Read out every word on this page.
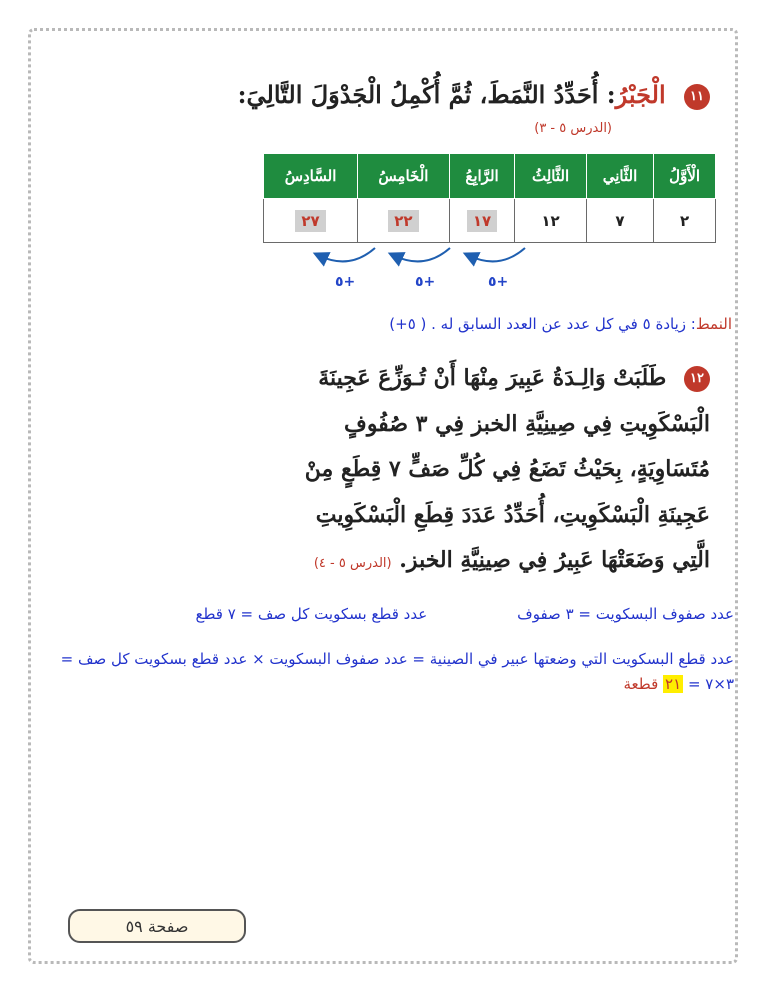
١١ الْجَبْرُ: أُحَدِّدُ النَّمَطَ، ثُمَّ أُكْمِلُ الْجَدْوَلَ التَّالِيَ:
(الدرس ٥ - ٣)
الْأَوَّلُ	الثَّانِي	الثَّالِثُ	الرَّابِعُ	الْخَامِسُ	السَّادِسُ
٢	٧	١٢	١٧	٢٢	٢٧
٥+	٥+	٥+
النمط: زيادة ٥ في كل عدد عن العدد السابق له . ( ٥+)
١٢ طَلَبَتْ وَالِـدَةُ عَبِيرَ مِنْهَا أَنْ تُـوَزِّعَ عَجِينَةَ
الْبَسْكَوِيتِ فِي صِينِيَّةِ الخبز فِي ٣ صُفُوفٍ
مُتَسَاوِيَةٍ، بِحَيْثُ تَضَعُ فِي كُلِّ صَفٍّ ٧ قِطَعٍ مِنْ
عَجِينَةِ الْبَسْكَوِيتِ، أُحَدِّدُ عَدَدَ قِطَعِ الْبَسْكَوِيتِ
الَّتِي وَضَعَتْهَا عَبِيرُ فِي صِينِيَّةِ الخبز. (الدرس ٥ - ٤)
عدد صفوف البسكويت = ٣ صفوفعدد قطع بسكويت كل صف = ٧ قطع
عدد قطع البسكويت التي وضعتها عبير في الصينية = عدد صفوف البسكويت × عدد قطع بسكويت كل صف = ٣×٧ = ٢١ قطعة
صفحة ٥٩
